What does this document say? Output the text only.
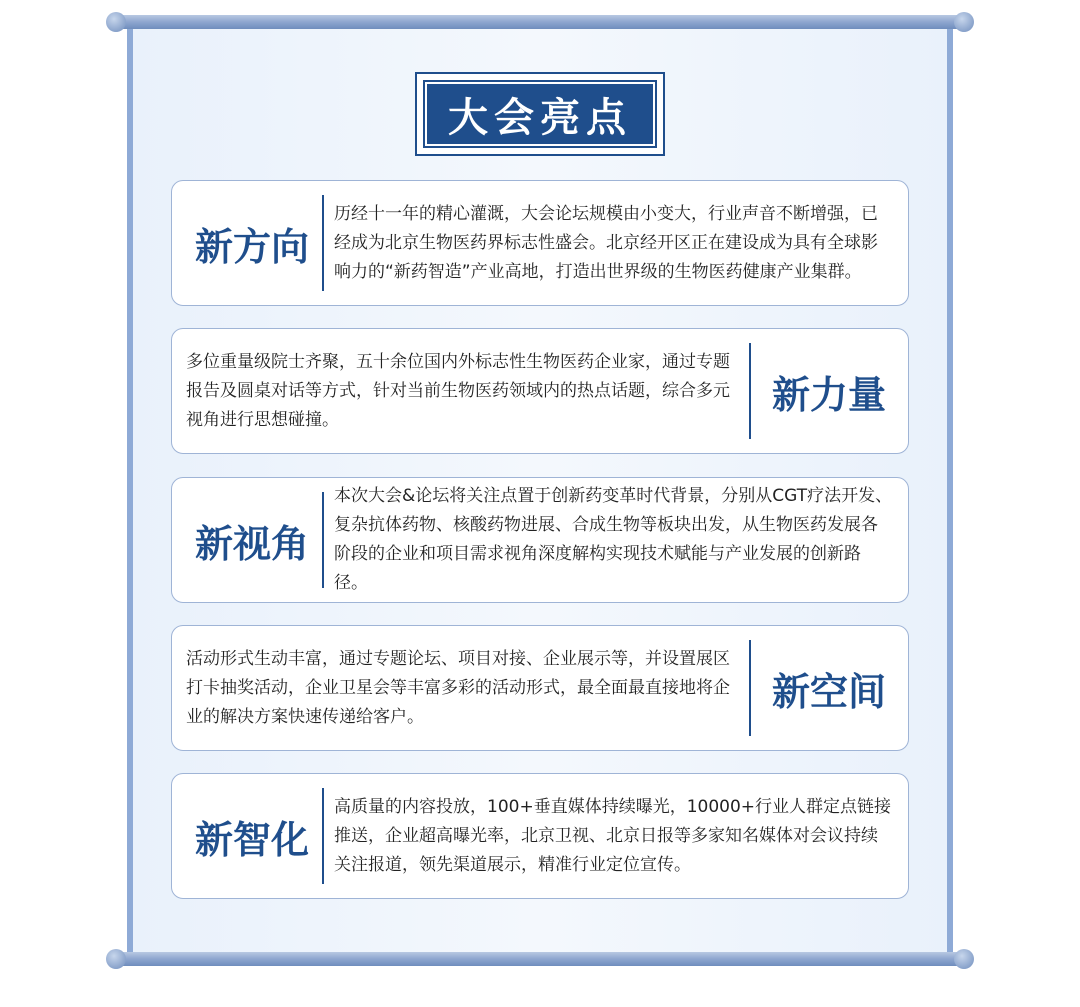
大会亮点
新方向
历经十一年的精心灌溉，大会论坛规模由小变大，行业声音不断增强，已经成为北京生物医药界标志性盛会。北京经开区正在建设成为具有全球影响力的“新药智造”产业高地，打造出世界级的生物医药健康产业集群。
多位重量级院士齐聚，五十余位国内外标志性生物医药企业家，通过专题报告及圆桌对话等方式，针对当前生物医药领域内的热点话题，综合多元视角进行思想碰撞。
新力量
新视角
本次大会&论坛将关注点置于创新药变革时代背景，分别从CGT疗法开发、复杂抗体药物、核酸药物进展、合成生物等板块出发，从生物医药发展各阶段的企业和项目需求视角深度解构实现技术赋能与产业发展的创新路径。
活动形式生动丰富，通过专题论坛、项目对接、企业展示等，并设置展区打卡抽奖活动，企业卫星会等丰富多彩的活动形式，最全面最直接地将企业的解决方案快速传递给客户。
新空间
新智化
高质量的内容投放，100+垂直媒体持续曝光，10000+行业人群定点链接推送，企业超高曝光率，北京卫视、北京日报等多家知名媒体对会议持续关注报道，领先渠道展示，精准行业定位宣传。
